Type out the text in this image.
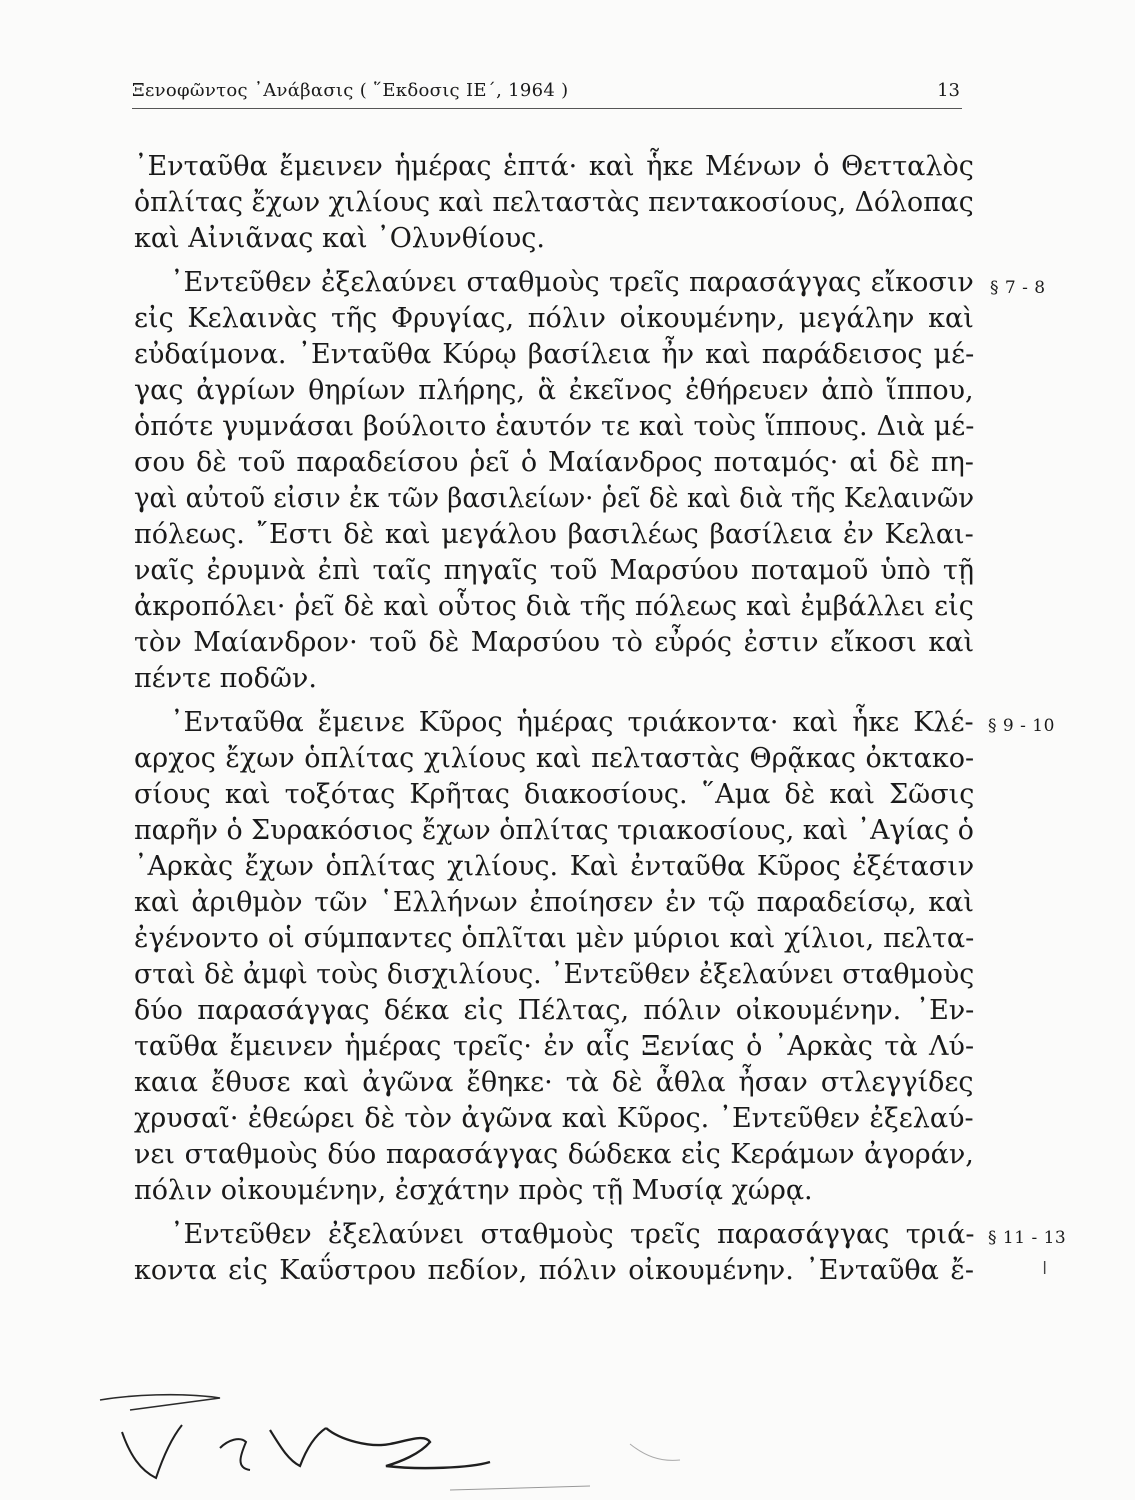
Ξενοφῶντος ᾿Ανάβασις ( ῞Εκδοσις ΙΕ΄, 1964 )	13
᾿Ενταῦθα ἔμεινεν ἡμέρας ἑπτά· καὶ ἧκε Μένων ὁ Θετταλὸς
ὁπλίτας ἔχων χιλίους καὶ πελταστὰς πεντακοσίους, Δόλοπας
καὶ Αἰνιᾶνας καὶ ᾿Ολυνθίους.
᾿Εντεῦθεν ἐξελαύνει σταθμοὺς τρεῖς παρασάγγας εἴκοσιν
εἰς Κελαινὰς τῆς Φρυγίας, πόλιν οἰκουμένην, μεγάλην καὶ
εὐδαίμονα. ᾿Ενταῦθα Κύρῳ βασίλεια ἦν καὶ παράδεισος μέ-
γας ἀγρίων θηρίων πλήρης, ἃ ἐκεῖνος ἐθήρευεν ἀπὸ ἵππου,
ὁπότε γυμνάσαι βούλοιτο ἑαυτόν τε καὶ τοὺς ἵππους. Διὰ μέ-
σου δὲ τοῦ παραδείσου ῥεῖ ὁ Μαίανδρος ποταμός· αἱ δὲ πη-
γαὶ αὐτοῦ εἰσιν ἐκ τῶν βασιλείων· ῥεῖ δὲ καὶ διὰ τῆς Κελαινῶν
πόλεως. ῎Εστι δὲ καὶ μεγάλου βασιλέως βασίλεια ἐν Κελαι-
ναῖς ἐρυμνὰ ἐπὶ ταῖς πηγαῖς τοῦ Μαρσύου ποταμοῦ ὑπὸ τῇ
ἀκροπόλει· ῥεῖ δὲ καὶ οὗτος διὰ τῆς πόλεως καὶ ἐμβάλλει εἰς
τὸν Μαίανδρον· τοῦ δὲ Μαρσύου τὸ εὖρός ἐστιν εἴκοσι καὶ
πέντε ποδῶν.
᾿Ενταῦθα ἔμεινε Κῦρος ἡμέρας τριάκοντα· καὶ ἧκε Κλέ-
αρχος ἔχων ὁπλίτας χιλίους καὶ πελταστὰς Θρᾷκας ὀκτακο-
σίους καὶ τοξότας Κρῆτας διακοσίους. ῞Αμα δὲ καὶ Σῶσις
παρῆν ὁ Συρακόσιος ἔχων ὁπλίτας τριακοσίους, καὶ ᾿Αγίας ὁ
᾿Αρκὰς ἔχων ὁπλίτας χιλίους. Καὶ ἐνταῦθα Κῦρος ἐξέτασιν
καὶ ἀριθμὸν τῶν ῾Ελλήνων ἐποίησεν ἐν τῷ παραδείσῳ, καὶ
ἐγένοντο οἱ σύμπαντες ὁπλῖται μὲν μύριοι καὶ χίλιοι, πελτα-
σταὶ δὲ ἀμφὶ τοὺς δισχιλίους. ᾿Εντεῦθεν ἐξελαύνει σταθμοὺς
δύο παρασάγγας δέκα εἰς Πέλτας, πόλιν οἰκουμένην. ᾿Εν-
ταῦθα ἔμεινεν ἡμέρας τρεῖς· ἐν αἷς Ξενίας ὁ ᾿Αρκὰς τὰ Λύ-
καια ἔθυσε καὶ ἀγῶνα ἔθηκε· τὰ δὲ ἆθλα ἦσαν στλεγγίδες
χρυσαῖ· ἐθεώρει δὲ τὸν ἀγῶνα καὶ Κῦρος. ᾿Εντεῦθεν ἐξελαύ-
νει σταθμοὺς δύο παρασάγγας δώδεκα εἰς Κεράμων ἀγοράν,
πόλιν οἰκουμένην, ἐσχάτην πρὸς τῇ Μυσίᾳ χώρᾳ.
᾿Εντεῦθεν ἐξελαύνει σταθμοὺς τρεῖς παρασάγγας τριά-
κοντα εἰς Καΰστρου πεδίον, πόλιν οἰκουμένην. ᾿Ενταῦθα ἔ-
§ 7 - 8
§ 9 - 10
§ 11 - 13
ǀ
